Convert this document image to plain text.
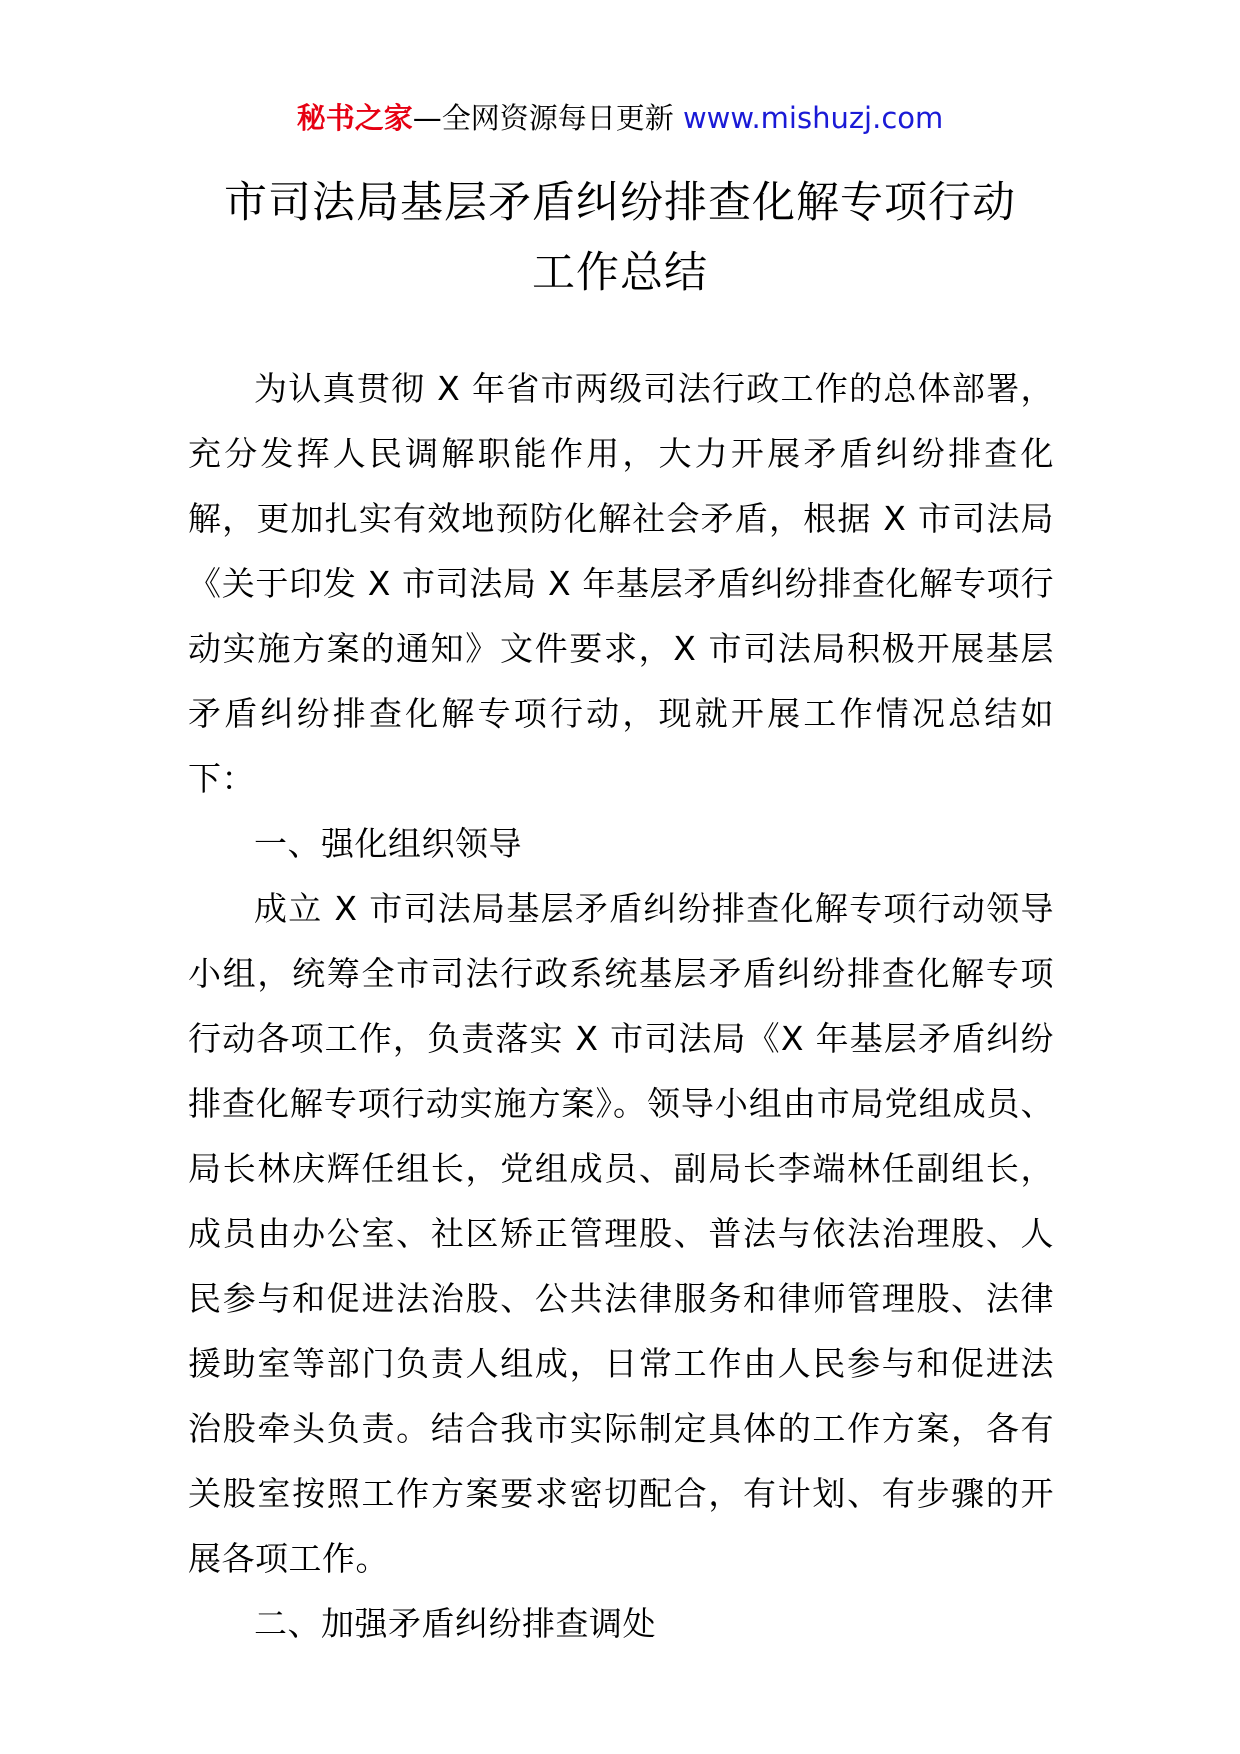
秘书之家—全网资源每日更新 www.mishuzj.com
市司法局基层矛盾纠纷排查化解专项行动
工作总结

为认真贯彻 X 年省市两级司法行政工作的总体部署，充分发挥人民调解职能作用，大力开展矛盾纠纷排查化解，更加扎实有效地预防化解社会矛盾，根据 X 市司法局《关于印发 X 市司法局 X 年基层矛盾纠纷排查化解专项行动实施方案的通知》文件要求，X 市司法局积极开展基层矛盾纠纷排查化解专项行动，现就开展工作情况总结如下：

一、强化组织领导

成立 X 市司法局基层矛盾纠纷排查化解专项行动领导小组，统筹全市司法行政系统基层矛盾纠纷排查化解专项行动各项工作，负责落实 X 市司法局《X 年基层矛盾纠纷排查化解专项行动实施方案》。领导小组由市局党组成员、局长林庆辉任组长，党组成员、副局长李端林任副组长，成员由办公室、社区矫正管理股、普法与依法治理股、人民参与和促进法治股、公共法律服务和律师管理股、法律援助室等部门负责人组成，日常工作由人民参与和促进法治股牵头负责。结合我市实际制定具体的工作方案，各有关股室按照工作方案要求密切配合，有计划、有步骤的开展各项工作。

二、加强矛盾纠纷排查调处
